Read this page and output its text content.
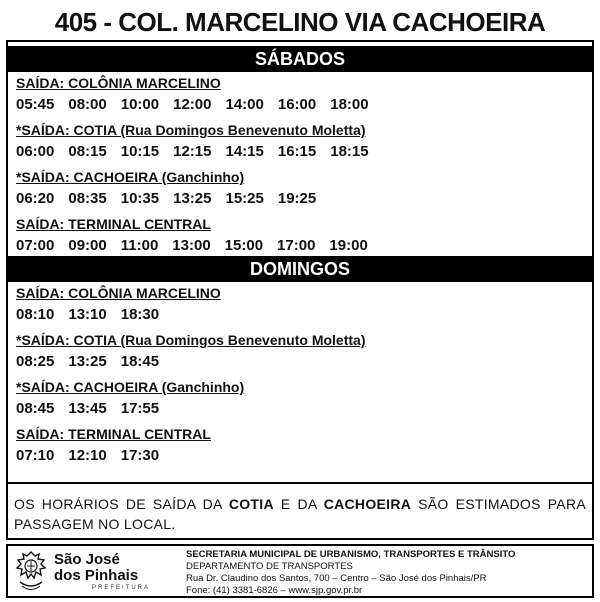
405 - COL. MARCELINO VIA CACHOEIRA
SÁBADOS
SAÍDA: COLÔNIA MARCELINO
05:45 08:00 10:00 12:00 14:00 16:00 18:00
*SAÍDA: COTIA (Rua Domingos Benevenuto Moletta)
06:00 08:15 10:15 12:15 14:15 16:15 18:15
*SAÍDA: CACHOEIRA (Ganchinho)
06:20 08:35 10:35 13:25 15:25 19:25
SAÍDA: TERMINAL CENTRAL
07:00 09:00 11:00 13:00 15:00 17:00 19:00
DOMINGOS
SAÍDA: COLÔNIA MARCELINO
08:10 13:10 18:30
*SAÍDA: COTIA (Rua Domingos Benevenuto Moletta)
08:25 13:25 18:45
*SAÍDA: CACHOEIRA (Ganchinho)
08:45 13:45 17:55
SAÍDA: TERMINAL CENTRAL
07:10 12:10 17:30
OS HORÁRIOS DE SAÍDA DA COTIA E DA CACHOEIRA SÃO ESTIMADOS PARA PASSAGEM NO LOCAL.
São José
dos Pinhais
PREFEITURA
SECRETARIA MUNICIPAL DE URBANISMO, TRANSPORTES E TRÂNSITO
DEPARTAMENTO DE TRANSPORTES
Rua Dr. Claudino dos Santos, 700 – Centro – São José dos Pinhais/PR
Fone: (41) 3381-6826 – www.sjp.gov.pr.br
